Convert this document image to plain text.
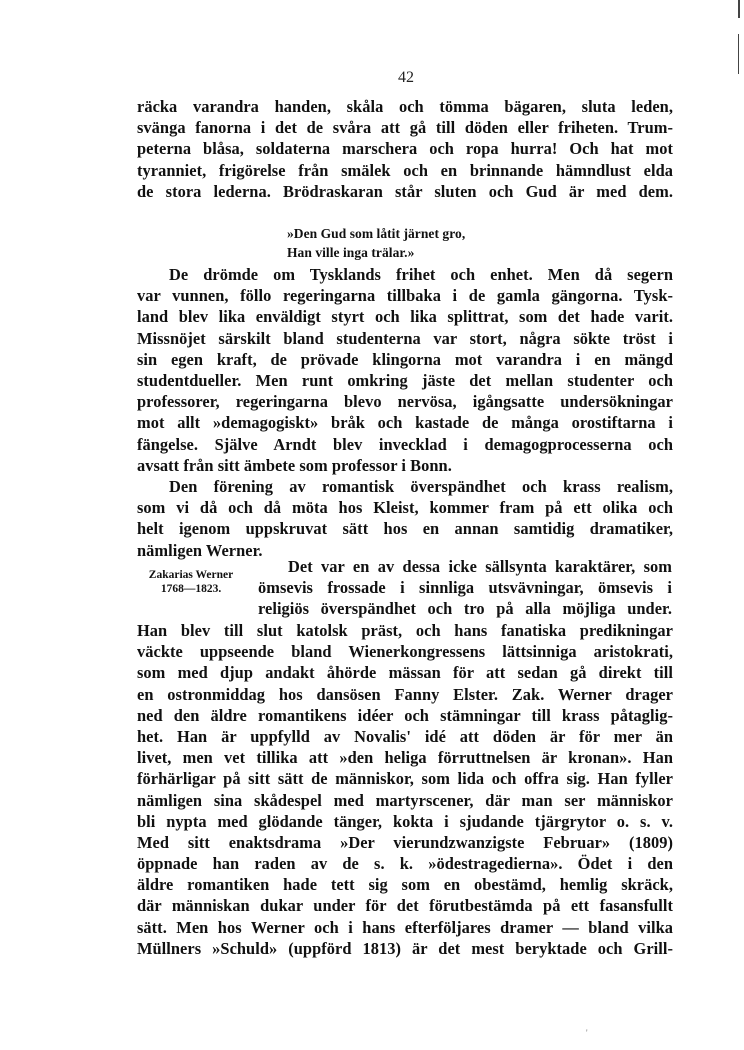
42
räcka varandra handen, skåla och tömma bägaren, sluta leden,
svänga fanorna i det de svåra att gå till döden eller friheten. Trum-
peterna blåsa, soldaterna marschera och ropa hurra! Och hat mot
tyranniet, frigörelse från smälek och en brinnande hämndlust elda
de stora lederna. Brödraskaran står sluten och Gud är med dem.
»Den Gud som låtit järnet gro,
Han ville inga trälar.»
De drömde om Tysklands frihet och enhet. Men då segern
var vunnen, föllo regeringarna tillbaka i de gamla gängorna. Tysk-
land blev lika enväldigt styrt och lika splittrat, som det hade varit.
Missnöjet särskilt bland studenterna var stort, några sökte tröst i
sin egen kraft, de prövade klingorna mot varandra i en mängd
studentdueller. Men runt omkring jäste det mellan studenter och
professorer, regeringarna blevo nervösa, igångsatte undersökningar
mot allt »demagogiskt» bråk och kastade de många orostiftarna i
fängelse. Själve Arndt blev invecklad i demagogprocesserna och
avsatt från sitt ämbete som professor i Bonn.
Den förening av romantisk överspändhet och krass realism,
som vi då och då möta hos Kleist, kommer fram på ett olika och
helt igenom uppskruvat sätt hos en annan samtidig dramatiker,
nämligen Werner.
Zakarias Werner
1768—1823.
Det var en av dessa icke sällsynta karaktärer, som
ömsevis frossade i sinnliga utsvävningar, ömsevis i
religiös överspändhet och tro på alla möjliga under.
Han blev till slut katolsk präst, och hans fanatiska predikningar
väckte uppseende bland Wienerkongressens lättsinniga aristokrati,
som med djup andakt åhörde mässan för att sedan gå direkt till
en ostronmiddag hos dansösen Fanny Elster. Zak. Werner drager
ned den äldre romantikens idéer och stämningar till krass påtaglig-
het. Han är uppfylld av Novalis' idé att döden är för mer än
livet, men vet tillika att »den heliga förruttnelsen är kronan». Han
förhärligar på sitt sätt de människor, som lida och offra sig. Han fyller
nämligen sina skådespel med martyrscener, där man ser människor
bli nypta med glödande tänger, kokta i sjudande tjärgrytor o. s. v.
Med sitt enaktsdrama »Der vierundzwanzigste Februar» (1809)
öppnade han raden av de s. k. »ödestragedierna». Ödet i den
äldre romantiken hade tett sig som en obestämd, hemlig skräck,
där människan dukar under för det förutbestämda på ett fasansfullt
sätt. Men hos Werner och i hans efterföljares dramer — bland vilka
Müllners »Schuld» (uppförd 1813) är det mest beryktade och Grill-
'
